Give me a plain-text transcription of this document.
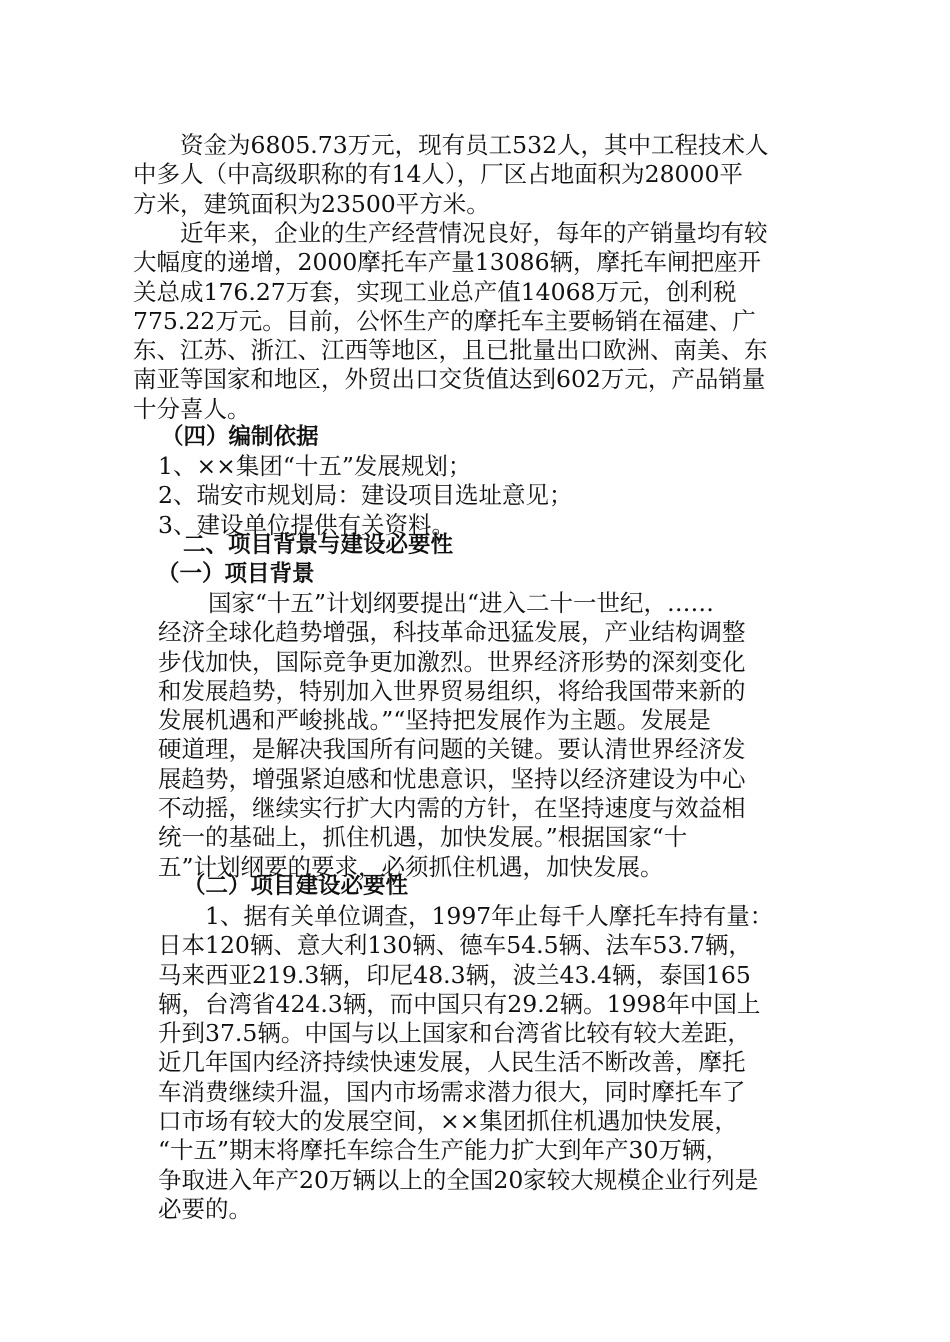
资金为6805.73万元，现有员工532人，其中工程技术人

中多人（中高级职称的有14人），厂区占地面积为28000平

方米，建筑面积为23500平方米。

近年来，企业的生产经营情况良好，每年的产销量均有较

大幅度的递增，2000摩托车产量13086辆，摩托车闸把座开

关总成176.27万套，实现工业总产值14068万元，创利税

775.22万元。目前，公怀生产的摩托车主要畅销在福建、广

东、江苏、浙江、江西等地区，且已批量出口欧洲、南美、东

南亚等国家和地区，外贸出口交货值达到602万元，产品销量

十分喜人。

（四）编制依据

1、××集团“十五”发展规划；

2、瑞安市规划局：建设项目选址意见；

3、建设单位提供有关资料。

二、项目背景与建设必要性
（一）项目背景

国家“十五”计划纲要提出“进入二十一世纪，……

经济全球化趋势增强，科技革命迅猛发展，产业结构调整

步伐加快，国际竞争更加激烈。世界经济形势的深刻变化

和发展趋势，特别加入世界贸易组织，将给我国带来新的

发展机遇和严峻挑战。”“坚持把发展作为主题。发展是

硬道理，是解决我国所有问题的关键。要认清世界经济发

展趋势，增强紧迫感和忧患意识，坚持以经济建设为中心

不动摇，继续实行扩大内需的方针，在坚持速度与效益相

统一的基础上，抓住机遇，加快发展。”根据国家“十

五”计划纲要的要求，必须抓住机遇，加快发展。

（二）项目建设必要性

1、据有关单位调查，1997年止每千人摩托车持有量：

日本120辆、意大利130辆、德车54.5辆、法车53.7辆，

马来西亚219.3辆，印尼48.3辆，波兰43.4辆，泰国165

辆，台湾省424.3辆，而中国只有29.2辆。1998年中国上

升到37.5辆。中国与以上国家和台湾省比较有较大差距，

近几年国内经济持续快速发展，人民生活不断改善，摩托

车消费继续升温，国内市场需求潜力很大，同时摩托车了

口市场有较大的发展空间，××集团抓住机遇加快发展，

“十五”期末将摩托车综合生产能力扩大到年产30万辆，

争取进入年产20万辆以上的全国20家较大规模企业行列是

必要的。
